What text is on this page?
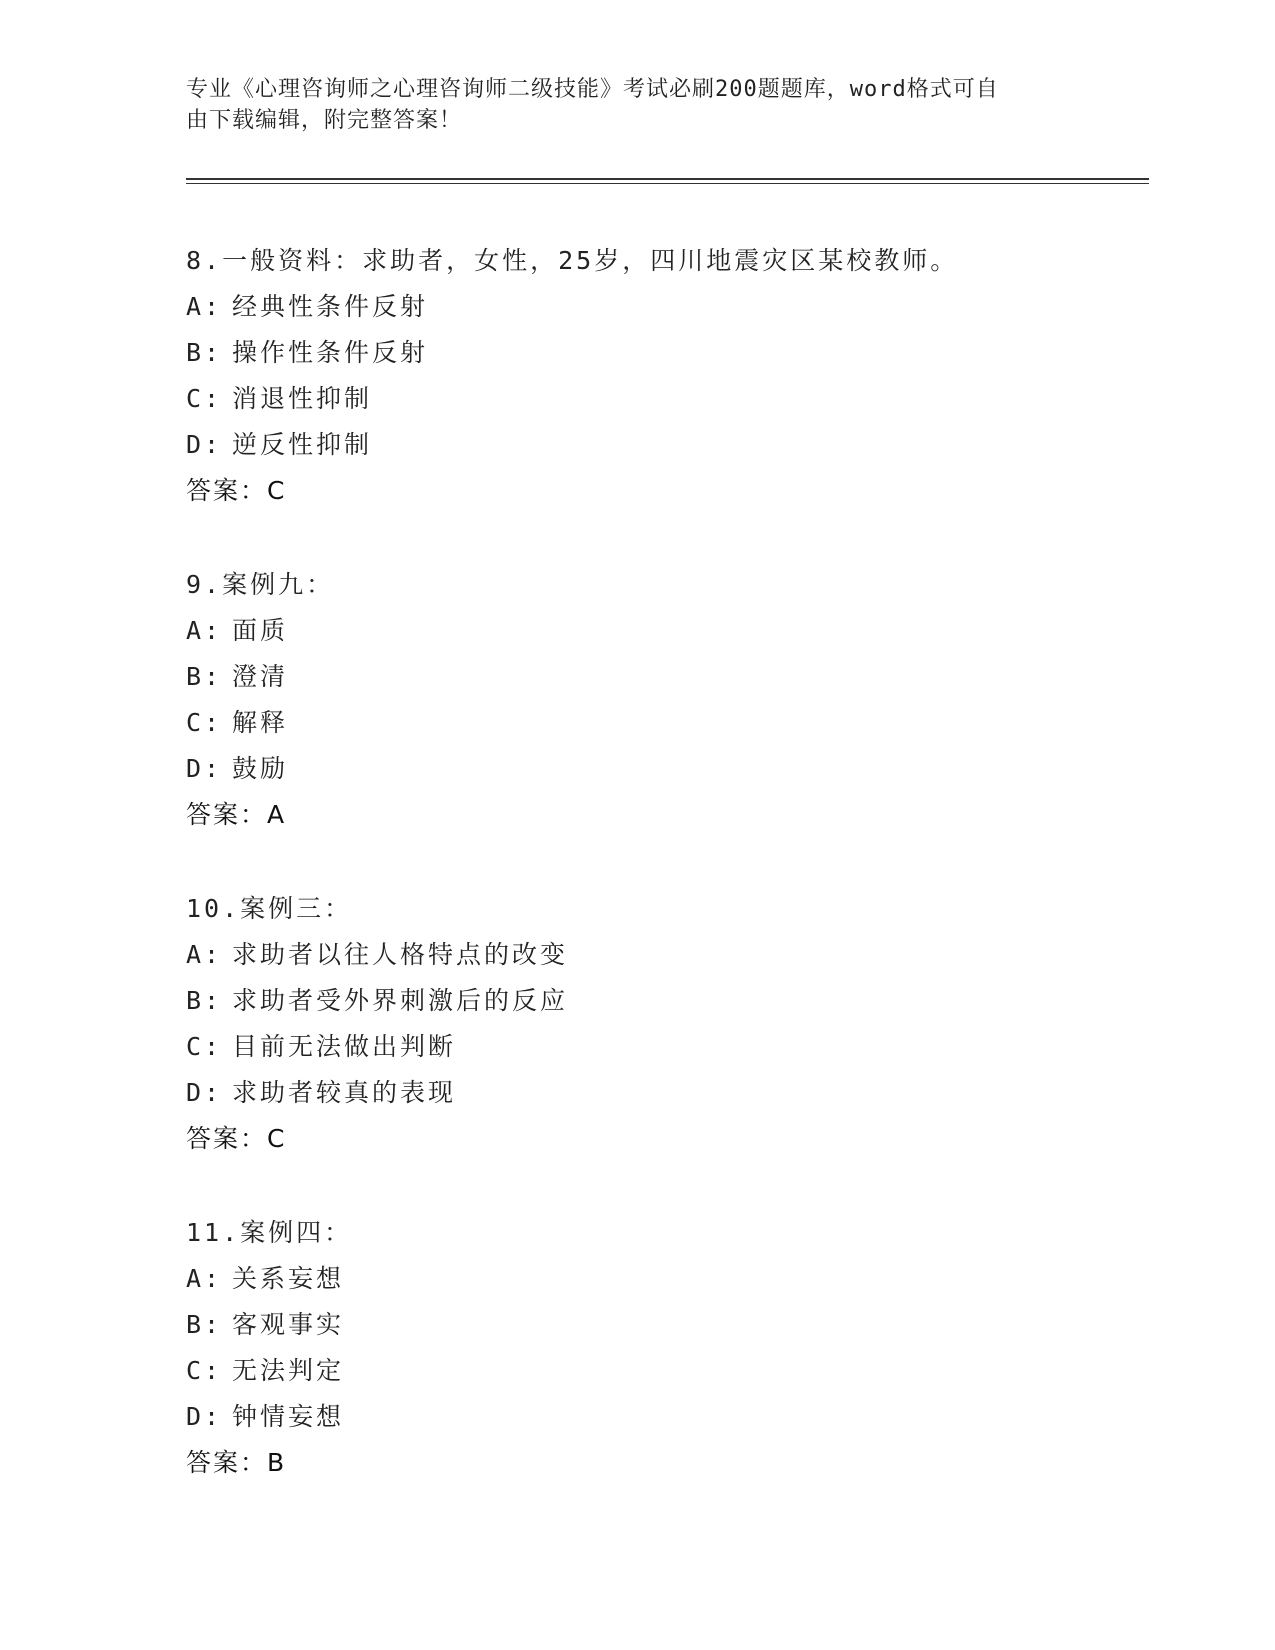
专业《心理咨询师之心理咨询师二级技能》考试必刷200题题库，word格式可自
由下载编辑，附完整答案！
8.一般资料：求助者，女性，25岁，四川地震灾区某校教师。
A: 经典性条件反射
B: 操作性条件反射
C: 消退性抑制
D: 逆反性抑制
答案：C
9.案例九：
A: 面质
B: 澄清
C: 解释
D: 鼓励
答案：A
10.案例三：
A: 求助者以往人格特点的改变
B: 求助者受外界刺激后的反应
C: 目前无法做出判断
D: 求助者较真的表现
答案：C
11.案例四：
A: 关系妄想
B: 客观事实
C: 无法判定
D: 钟情妄想
答案：B
